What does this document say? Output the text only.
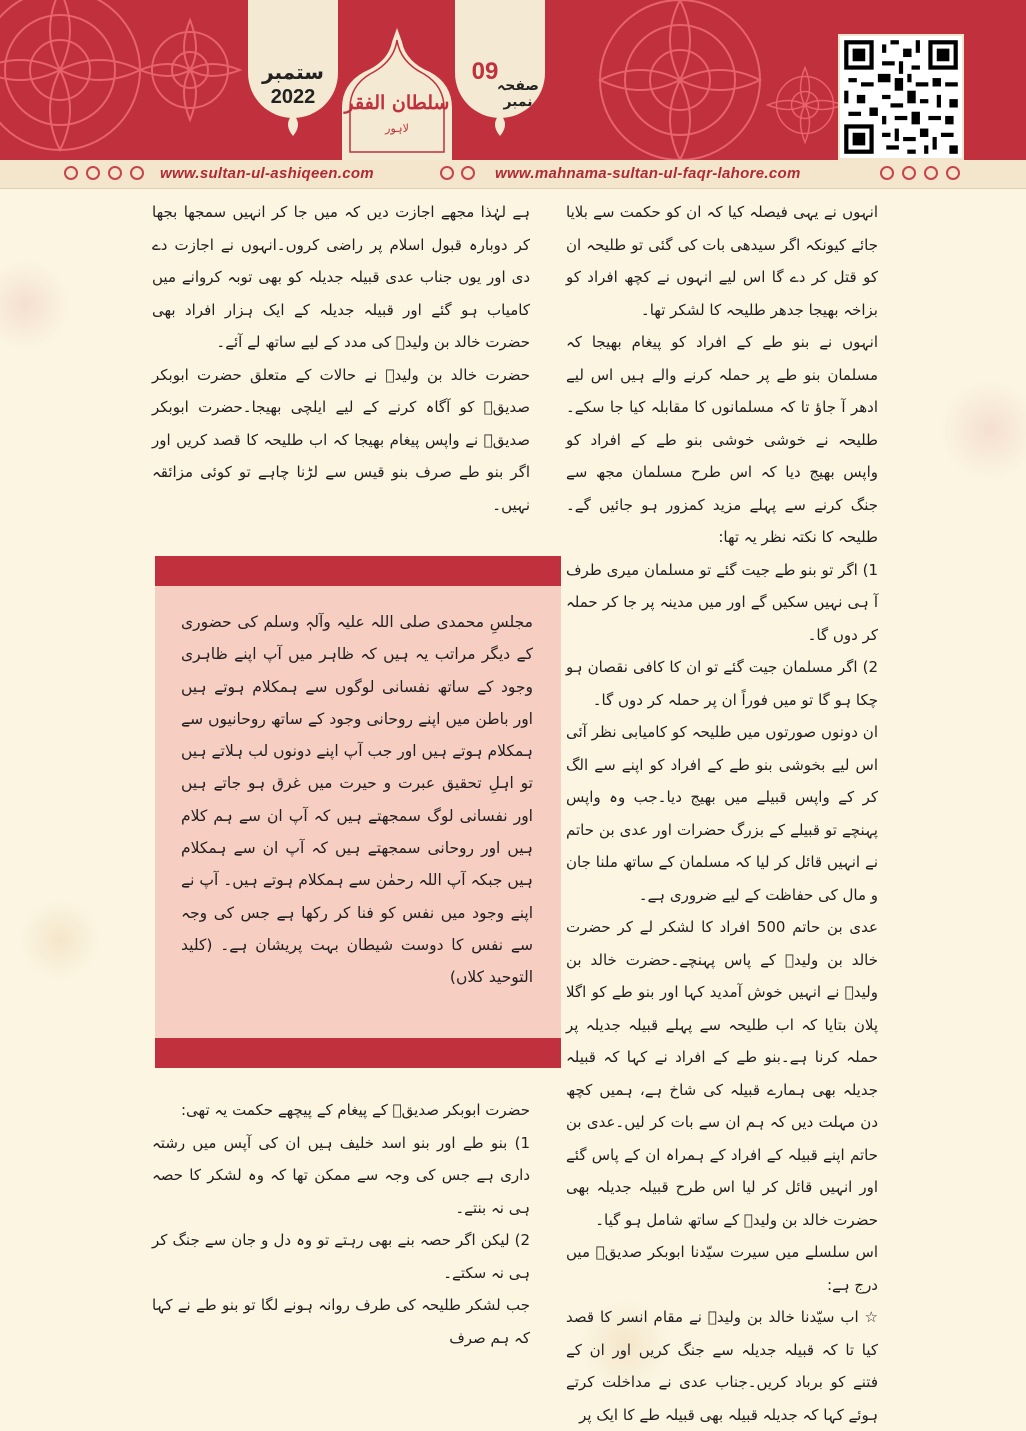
ستمبر
2022	سلطان الفقر
لاہور
09
صفحہ نمبر
www.sultan-ul-ashiqeen.com	www.mahnama-sultan-ul-faqr-lahore.com

انہوں نے یہی فیصلہ کیا کہ ان کو حکمت سے بلایا جائے کیونکہ اگر سیدھی بات کی گئی تو طلیحہ ان کو قتل کر دے گا اس لیے انہوں نے کچھ افراد کو بزاخہ بھیجا جدھر طلیحہ کا لشکر تھا۔

انہوں نے بنو طے کے افراد کو پیغام بھیجا کہ مسلمان بنو طے پر حملہ کرنے والے ہیں اس لیے ادھر آ جاؤ تا کہ مسلمانوں کا مقابلہ کیا جا سکے۔طلیحہ نے خوشی خوشی بنو طے کے افراد کو واپس بھیج دیا کہ اس طرح مسلمان مجھ سے جنگ کرنے سے پہلے مزید کمزور ہو جائیں گے۔طلیحہ کا نکتہ نظر یہ تھا:

1) اگر تو بنو طے جیت گئے تو مسلمان میری طرف آ ہی نہیں سکیں گے اور میں مدینہ پر جا کر حملہ کر دوں گا۔

2) اگر مسلمان جیت گئے تو ان کا کافی نقصان ہو چکا ہو گا تو میں فوراً ان پر حملہ کر دوں گا۔

ان دونوں صورتوں میں طلیحہ کو کامیابی نظر آئی اس لیے بخوشی بنو طے کے افراد کو اپنے سے الگ کر کے واپس قبیلے میں بھیج دیا۔جب وہ واپس پہنچے تو قبیلے کے بزرگ حضرات اور عدی بن حاتم نے انہیں قائل کر لیا کہ مسلمان کے ساتھ ملنا جان و مال کی حفاظت کے لیے ضروری ہے۔

عدی بن حاتم 500 افراد کا لشکر لے کر حضرت خالد بن ولیدؓ کے پاس پہنچے۔حضرت خالد بن ولیدؓ نے انہیں خوش آمدید کہا اور بنو طے کو اگلا پلان بتایا کہ اب طلیحہ سے پہلے قبیلہ جدیلہ پر حملہ کرنا ہے۔بنو طے کے افراد نے کہا کہ قبیلہ جدیلہ بھی ہمارے قبیلہ کی شاخ ہے، ہمیں کچھ دن مہلت دیں کہ ہم ان سے بات کر لیں۔عدی بن حاتم اپنے قبیلہ کے افراد کے ہمراہ ان کے پاس گئے اور انہیں قائل کر لیا اس طرح قبیلہ جدیلہ بھی حضرت خالد بن ولیدؓ کے ساتھ شامل ہو گیا۔

اس سلسلے میں سیرت سیّدنا ابوبکر صدیقؓ میں درج ہے:

☆ اب سیّدنا خالد بن ولیدؓ نے مقام انسر کا قصد کیا تا کہ قبیلہ جدیلہ سے جنگ کریں اور ان کے فتنے کو برباد کریں۔جناب عدی نے مداخلت کرتے ہوئے کہا کہ جدیلہ قبیلہ بھی قبیلہ طے کا ایک پر

ہے لہٰذا مجھے اجازت دیں کہ میں جا کر انہیں سمجھا بجھا کر دوبارہ قبول اسلام پر راضی کروں۔انہوں نے اجازت دے دی اور یوں جناب عدی قبیلہ جدیلہ کو بھی توبہ کروانے میں کامیاب ہو گئے اور قبیلہ جدیلہ کے ایک ہزار افراد بھی حضرت خالد بن ولیدؓ کی مدد کے لیے ساتھ لے آئے۔

حضرت خالد بن ولیدؓ نے حالات کے متعلق حضرت ابوبکر صدیقؓ کو آگاہ کرنے کے لیے ایلچی بھیجا۔حضرت ابوبکر صدیقؓ نے واپس پیغام بھیجا کہ اب طلیحہ کا قصد کریں اور اگر بنو طے صرف بنو قیس سے لڑنا چاہے تو کوئی مزائقہ نہیں۔

مجلسِ محمدی صلی اللہ علیہ وآلہٖ وسلم کی حضوری کے دیگر مراتب یہ ہیں کہ ظاہر میں آپ اپنے ظاہری وجود کے ساتھ نفسانی لوگوں سے ہمکلام ہوتے ہیں اور باطن میں اپنے روحانی وجود کے ساتھ روحانیوں سے ہمکلام ہوتے ہیں اور جب آپ اپنے دونوں لب ہلاتے ہیں تو اہلِ تحقیق عبرت و حیرت میں غرق ہو جاتے ہیں اور نفسانی لوگ سمجھتے ہیں کہ آپ ان سے ہم کلام ہیں اور روحانی سمجھتے ہیں کہ آپ ان سے ہمکلام ہیں جبکہ آپ اللہ رحمٰن سے ہمکلام ہوتے ہیں۔ آپ نے اپنے وجود میں نفس کو فنا کر رکھا ہے جس کی وجہ سے نفس کا دوست شیطان بہت پریشان ہے۔ (کلید التوحید کلاں)

حضرت ابوبکر صدیقؓ کے پیغام کے پیچھے حکمت یہ تھی:

1) بنو طے اور بنو اسد خلیف ہیں ان کی آپس میں رشتہ داری ہے جس کی وجہ سے ممکن تھا کہ وہ لشکر کا حصہ ہی نہ بنتے۔

2) لیکن اگر حصہ بنے بھی رہتے تو وہ دل و جان سے جنگ کر ہی نہ سکتے۔

جب لشکر طلیحہ کی طرف روانہ ہونے لگا تو بنو طے نے کہا کہ ہم صرف
